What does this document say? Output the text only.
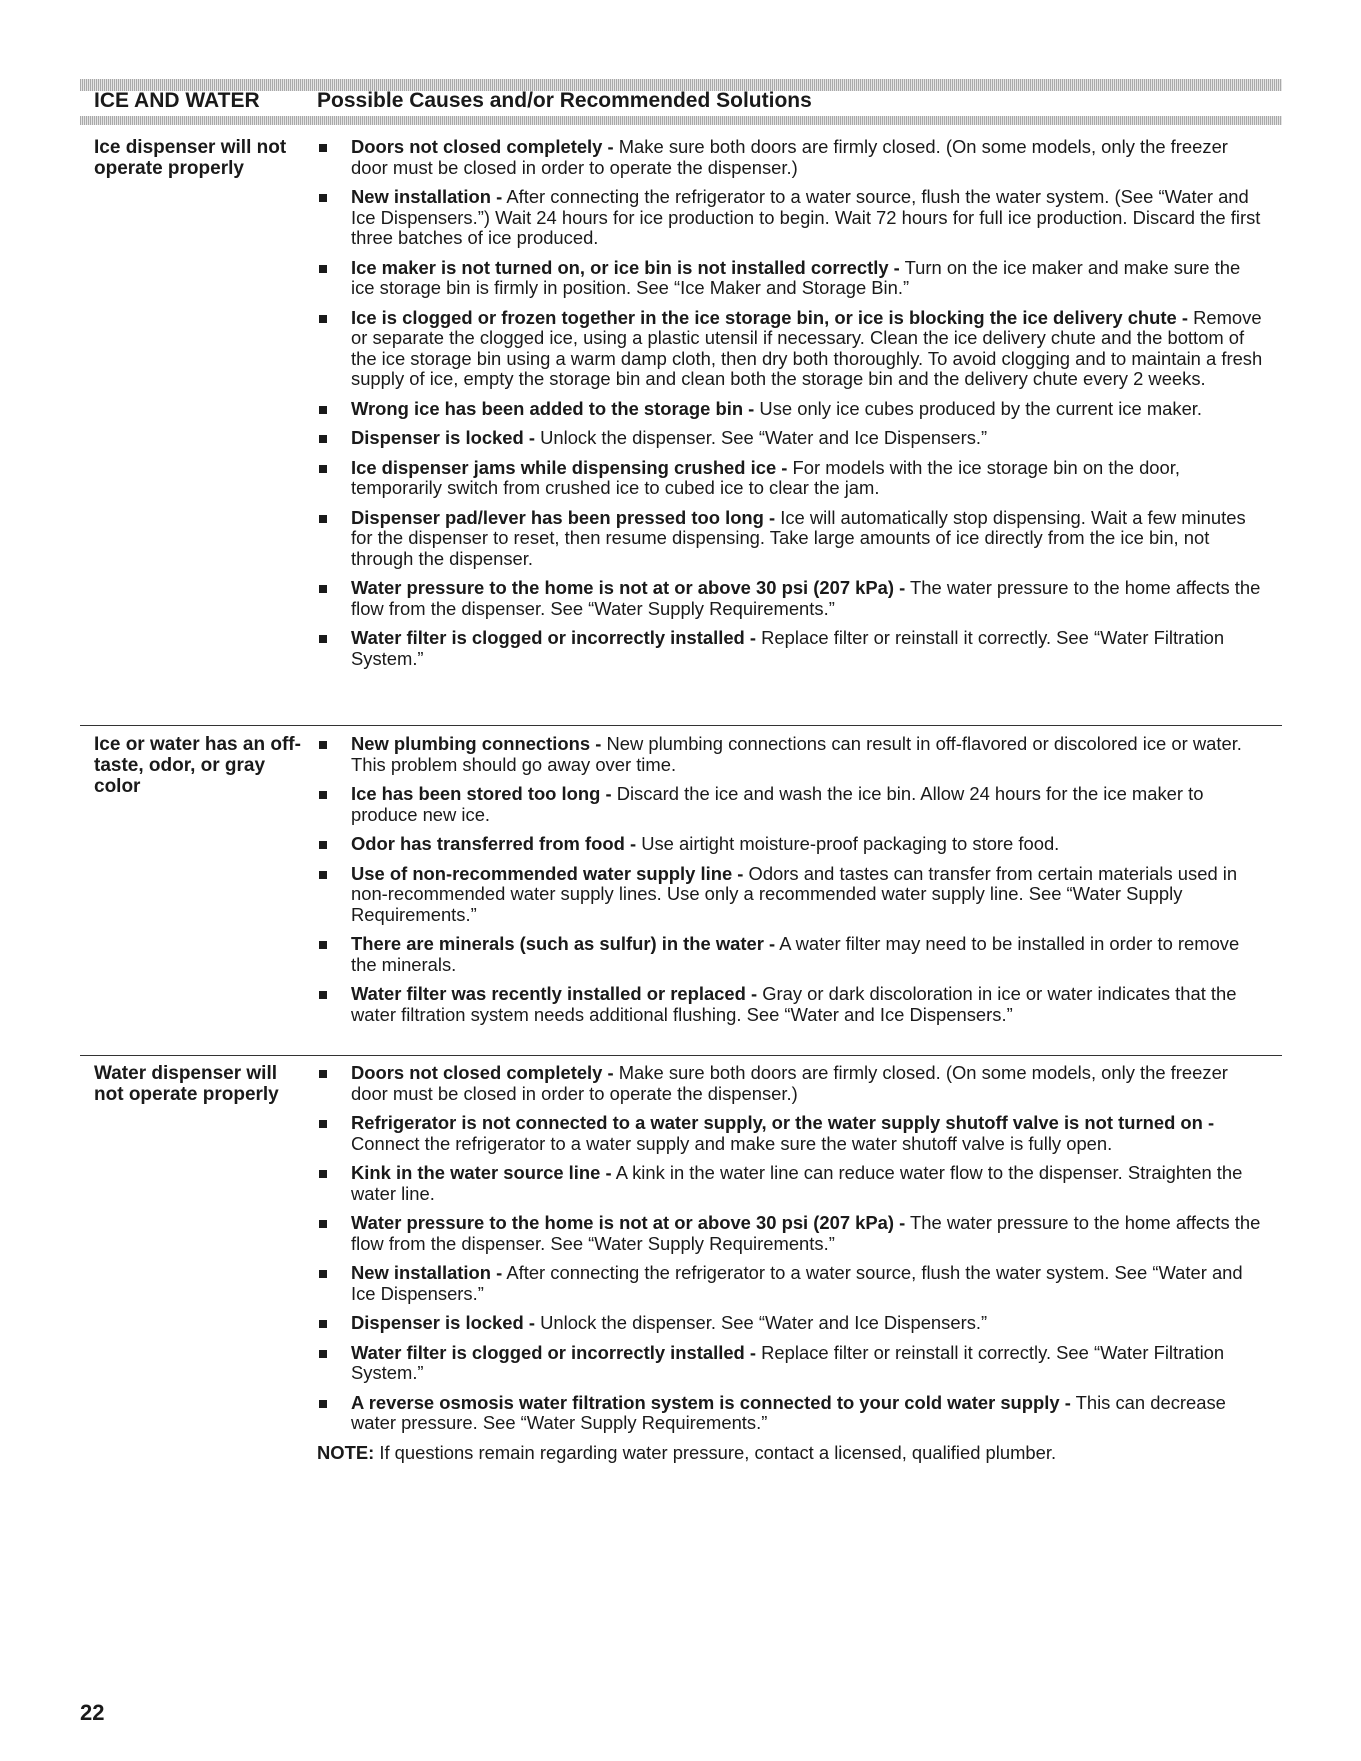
ICE AND WATER	Possible Causes and/or Recommended Solutions
Ice dispenser will not operate properly
Doors not closed completely - Make sure both doors are firmly closed. (On some models, only the freezer door must be closed in order to operate the dispenser.)
New installation - After connecting the refrigerator to a water source, flush the water system. (See “Water and Ice Dispensers.”) Wait 24 hours for ice production to begin. Wait 72 hours for full ice production. Discard the first three batches of ice produced.
Ice maker is not turned on, or ice bin is not installed correctly - Turn on the ice maker and make sure the ice storage bin is firmly in position. See “Ice Maker and Storage Bin.”
Ice is clogged or frozen together in the ice storage bin, or ice is blocking the ice delivery chute - Remove or separate the clogged ice, using a plastic utensil if necessary. Clean the ice delivery chute and the bottom of the ice storage bin using a warm damp cloth, then dry both thoroughly. To avoid clogging and to maintain a fresh supply of ice, empty the storage bin and clean both the storage bin and the delivery chute every 2 weeks.
Wrong ice has been added to the storage bin - Use only ice cubes produced by the current ice maker.
Dispenser is locked - Unlock the dispenser. See “Water and Ice Dispensers.”
Ice dispenser jams while dispensing crushed ice - For models with the ice storage bin on the door, temporarily switch from crushed ice to cubed ice to clear the jam.
Dispenser pad/lever has been pressed too long - Ice will automatically stop dispensing. Wait a few minutes for the dispenser to reset, then resume dispensing. Take large amounts of ice directly from the ice bin, not through the dispenser.
Water pressure to the home is not at or above 30 psi (207 kPa) - The water pressure to the home affects the flow from the dispenser. See “Water Supply Requirements.”
Water filter is clogged or incorrectly installed - Replace filter or reinstall it correctly. See “Water Filtration System.”
Ice or water has an off-taste, odor, or gray color
New plumbing connections - New plumbing connections can result in off-flavored or discolored ice or water. This problem should go away over time.
Ice has been stored too long - Discard the ice and wash the ice bin. Allow 24 hours for the ice maker to produce new ice.
Odor has transferred from food - Use airtight moisture-proof packaging to store food.
Use of non-recommended water supply line - Odors and tastes can transfer from certain materials used in non-recommended water supply lines. Use only a recommended water supply line. See “Water Supply Requirements.”
There are minerals (such as sulfur) in the water - A water filter may need to be installed in order to remove the minerals.
Water filter was recently installed or replaced - Gray or dark discoloration in ice or water indicates that the water filtration system needs additional flushing. See “Water and Ice Dispensers.”
Water dispenser will not operate properly
Doors not closed completely - Make sure both doors are firmly closed. (On some models, only the freezer door must be closed in order to operate the dispenser.)
Refrigerator is not connected to a water supply, or the water supply shutoff valve is not turned on - Connect the refrigerator to a water supply and make sure the water shutoff valve is fully open.
Kink in the water source line - A kink in the water line can reduce water flow to the dispenser. Straighten the water line.
Water pressure to the home is not at or above 30 psi (207 kPa) - The water pressure to the home affects the flow from the dispenser. See “Water Supply Requirements.”
New installation - After connecting the refrigerator to a water source, flush the water system. See “Water and Ice Dispensers.”
Dispenser is locked - Unlock the dispenser. See “Water and Ice Dispensers.”
Water filter is clogged or incorrectly installed - Replace filter or reinstall it correctly. See “Water Filtration System.”
A reverse osmosis water filtration system is connected to your cold water supply - This can decrease water pressure. See “Water Supply Requirements.”
NOTE: If questions remain regarding water pressure, contact a licensed, qualified plumber.
22
